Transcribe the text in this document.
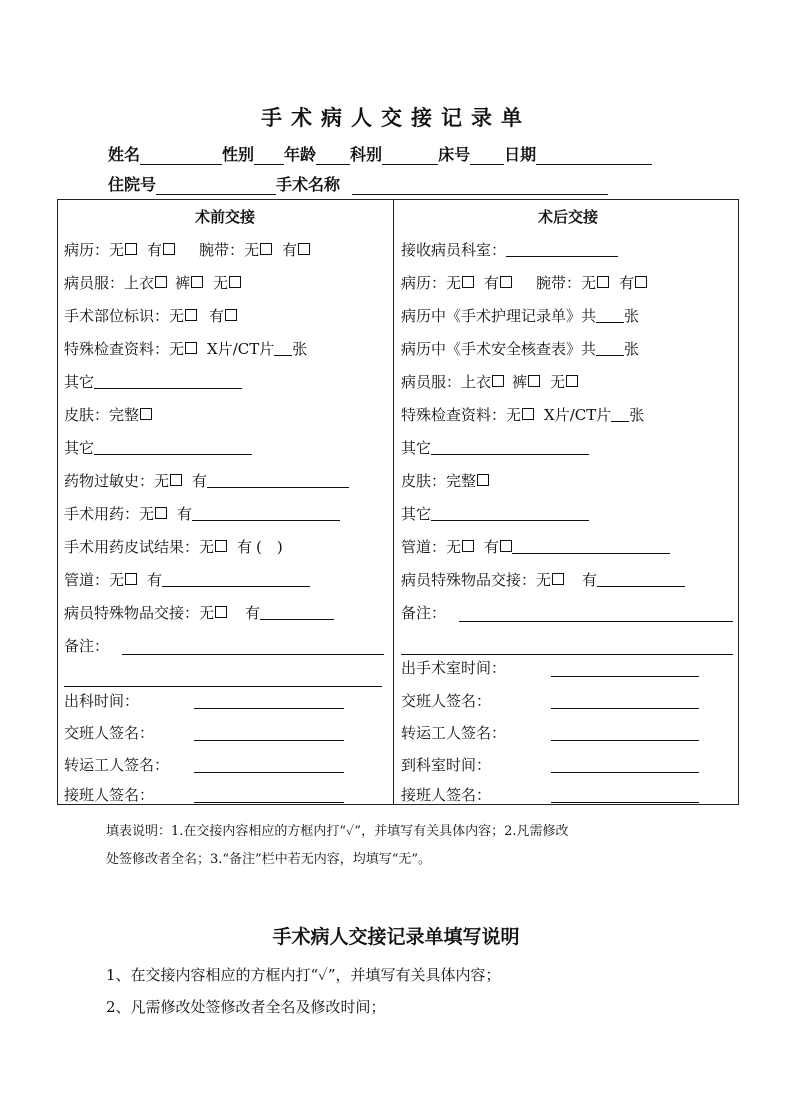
手术病人交接记录单
姓名	性别 年龄 科别	床号 日期
住院号	手术名称
术前交接
病历：无 有 腕带：无 有
病员服：上衣 裤 无
手术部位标识：无 有
特殊检查资料：无 X片/CT片 张
其它
皮肤：完整
其它
药物过敏史：无 有
手术用药：无 有
手术用药皮试结果：无 有 (　)
管道：无 有
病员特殊物品交接：无 有
备注：
出科时间：
交班人签名：
转运工人签名：
接班人签名：
术后交接
接收病员科室：
病历：无 有 腕带：无 有
病历中《手术护理记录单》共 张
病历中《手术安全核查表》共 张
病员服：上衣 裤 无
特殊检查资料：无 X片/CT片 张
其它
皮肤：完整
其它
管道：无 有
病员特殊物品交接：无 有
备注：
出手术室时间：
交班人签名：
转运工人签名：
到科室时间：
接班人签名：
填表说明：1.在交接内容相应的方框内打“✓”，并填写有关具体内容；2.凡需修改
处签修改者全名；3.“备注”栏中若无内容，均填写“无”。
手术病人交接记录单填写说明
1、在交接内容相应的方框内打“✓”，并填写有关具体内容；
2、凡需修改处签修改者全名及修改时间；
